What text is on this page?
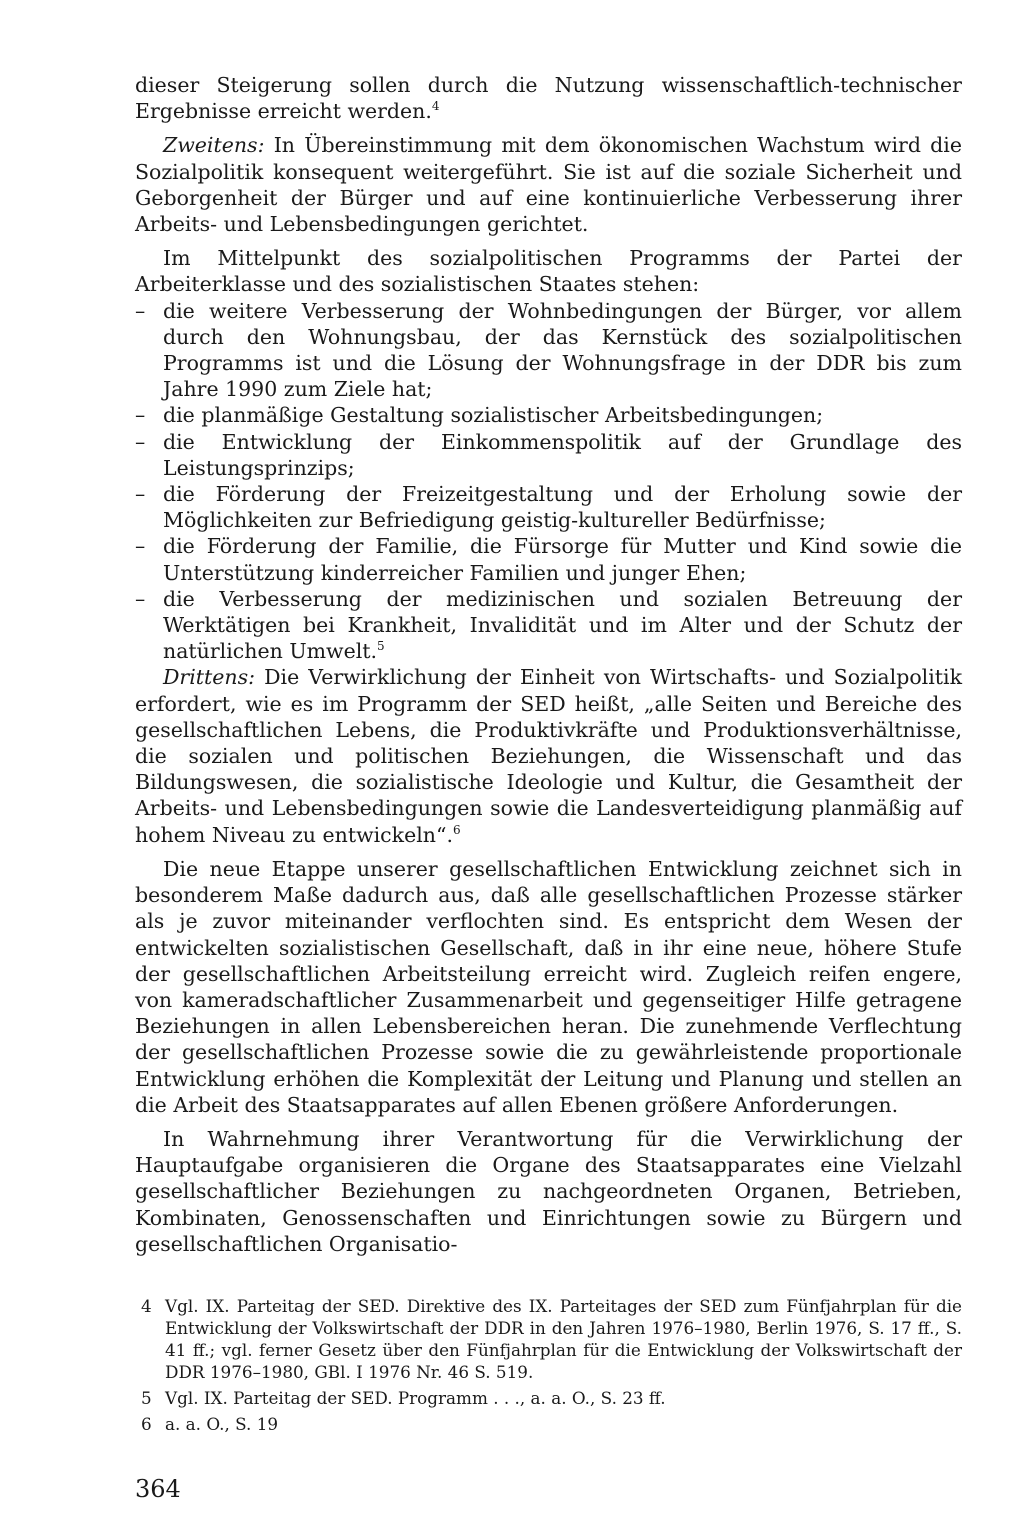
dieser Steigerung sollen durch die Nutzung wissenschaftlich-technischer Ergebnisse erreicht werden.$^4$

Zweitens: In Übereinstimmung mit dem ökonomischen Wachstum wird die Sozialpolitik konsequent weitergeführt. Sie ist auf die soziale Sicherheit und Geborgenheit der Bürger und auf eine kontinuierliche Verbesserung ihrer Arbeits- und Lebensbedingungen gerichtet.

Im Mittelpunkt des sozialpolitischen Programms der Partei der Arbeiterklasse und des sozialistischen Staates stehen:

– die weitere Verbesserung der Wohnbedingungen der Bürger, vor allem durch den Wohnungsbau, der das Kernstück des sozialpolitischen Programms ist und die Lösung der Wohnungsfrage in der DDR bis zum Jahre 1990 zum Ziele hat;
– die planmäßige Gestaltung sozialistischer Arbeitsbedingungen;
– die Entwicklung der Einkommenspolitik auf der Grundlage des Leistungsprinzips;
– die Förderung der Freizeitgestaltung und der Erholung sowie der Möglichkeiten zur Befriedigung geistig-kultureller Bedürfnisse;
– die Förderung der Familie, die Fürsorge für Mutter und Kind sowie die Unterstützung kinderreicher Familien und junger Ehen;
– die Verbesserung der medizinischen und sozialen Betreuung der Werktätigen bei Krankheit, Invalidität und im Alter und der Schutz der natürlichen Umwelt.$^5$

Drittens: Die Verwirklichung der Einheit von Wirtschafts- und Sozialpolitik erfordert, wie es im Programm der SED heißt, „alle Seiten und Bereiche des gesellschaftlichen Lebens, die Produktivkräfte und Produktionsverhältnisse, die sozialen und politischen Beziehungen, die Wissenschaft und das Bildungswesen, die sozialistische Ideologie und Kultur, die Gesamtheit der Arbeits- und Lebensbedingungen sowie die Landesverteidigung planmäßig auf hohem Niveau zu entwickeln“.$^6$

Die neue Etappe unserer gesellschaftlichen Entwicklung zeichnet sich in besonderem Maße dadurch aus, daß alle gesellschaftlichen Prozesse stärker als je zuvor miteinander verflochten sind. Es entspricht dem Wesen der entwickelten sozialistischen Gesellschaft, daß in ihr eine neue, höhere Stufe der gesellschaftlichen Arbeitsteilung erreicht wird. Zugleich reifen engere, von kameradschaftlicher Zusammenarbeit und gegenseitiger Hilfe getragene Beziehungen in allen Lebensbereichen heran. Die zunehmende Verflechtung der gesellschaftlichen Prozesse sowie die zu gewährleistende proportionale Entwicklung erhöhen die Komplexität der Leitung und Planung und stellen an die Arbeit des Staatsapparates auf allen Ebenen größere Anforderungen.

In Wahrnehmung ihrer Verantwortung für die Verwirklichung der Hauptaufgabe organisieren die Organe des Staatsapparates eine Vielzahl gesellschaftlicher Beziehungen zu nachgeordneten Organen, Betrieben, Kombinaten, Genossenschaften und Einrichtungen sowie zu Bürgern und gesellschaftlichen Organisatio-

4 Vgl. IX. Parteitag der SED. Direktive des IX. Parteitages der SED zum Fünfjahrplan für die Entwicklung der Volkswirtschaft der DDR in den Jahren 1976–1980, Berlin 1976, S. 17 ff., S. 41 ff.; vgl. ferner Gesetz über den Fünfjahrplan für die Entwicklung der Volkswirtschaft der DDR 1976–1980, GBl. I 1976 Nr. 46 S. 519.
5 Vgl. IX. Parteitag der SED. Programm . . ., a. a. O., S. 23 ff.
6 a. a. O., S. 19
364
